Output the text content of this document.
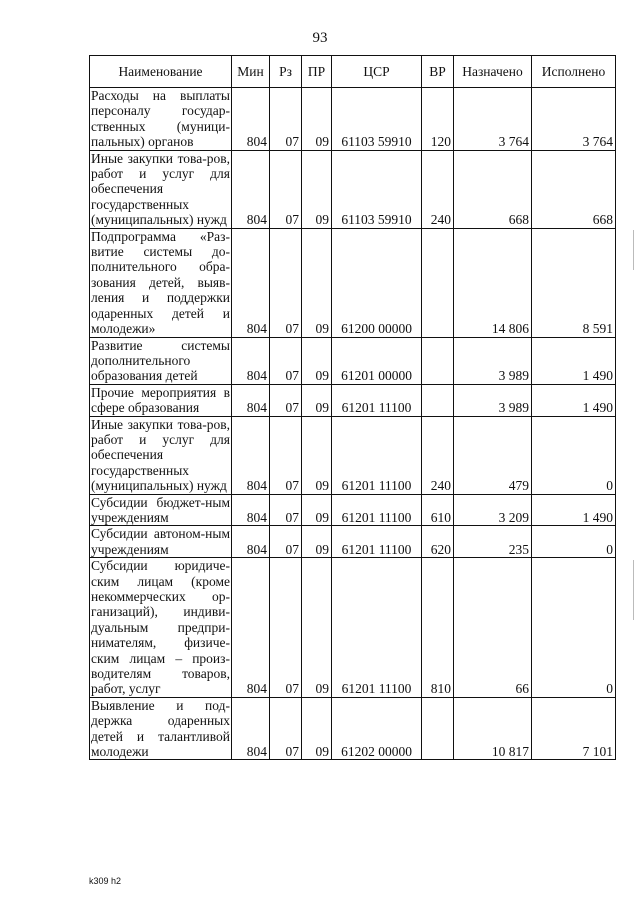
93
Наименование	Мин	Рз	ПР	ЦСР	ВР	Назначено	Исполнено
Расходы на выплаты персоналу государ-ственных (муници-пальных) органов	804	07	09	61103 59910	120	3 764	3 764
Иные закупки това-ров, работ и услуг для обеспечения государственных (муниципальных) нужд	804	07	09	61103 59910	240	668	668
Подпрограмма «Раз-витие системы до-полнительного обра-зования детей, выяв-ления и поддержки одаренных детей и молодежи»	804	07	09	61200 00000		14 806	8 591
Развитие системы дополнительного образования детей	804	07	09	61201 00000		3 989	1 490
Прочие мероприятия в сфере образования	804	07	09	61201 11100		3 989	1 490
Иные закупки това-ров, работ и услуг для обеспечения государственных (муниципальных) нужд	804	07	09	61201 11100	240	479	0
Субсидии бюджет-ным учреждениям	804	07	09	61201 11100	610	3 209	1 490
Субсидии автоном-ным учреждениям	804	07	09	61201 11100	620	235	0
Субсидии юридиче-ским лицам (кроме некоммерческих ор-ганизаций), индиви-дуальным предпри-нимателям, физиче-ским лицам – произ-водителям товаров, работ, услуг	804	07	09	61201 11100	810	66	0
Выявление и под-держка одаренных детей и талантливой молодежи	804	07	09	61202 00000		10 817	7 101
k309 h2
